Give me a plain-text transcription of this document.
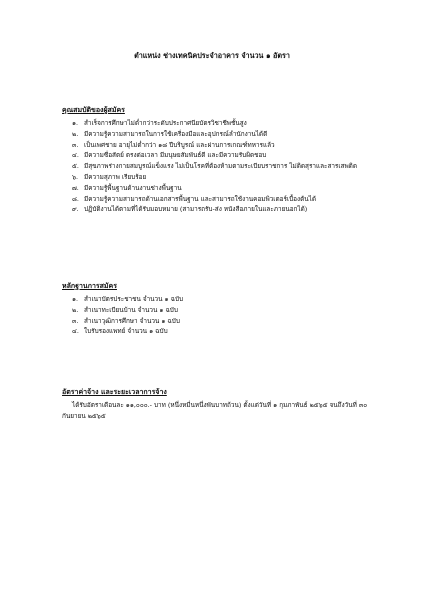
ตำแหน่ง ช่างเทคนิคประจำอาคาร จำนวน ๑ อัตรา
คุณสมบัติของผู้สมัคร
๑. สำเร็จการศึกษาไม่ต่ำกว่าระดับประกาศนียบัตรวิชาชีพชั้นสูง
๒. มีความรู้ความสามารถในการใช้เครื่องมือและอุปกรณ์ลำนักงานได้ดี
๓. เป็นเพศชาย อายุไม่ต่ำกว่า ๑๘ ปีบริบูรณ์ และผ่านการเกณฑ์ทหารแล้ว
๔. มีความซื่อสัตย์ ตรงต่อเวลา มีมนุษยสัมพันธ์ดี และมีความรับผิดชอบ
๕. มีสุขภาพร่างกายสมบูรณ์แข็งแรง ไม่เป็นโรคที่ต้องห้ามตามระเบียบราชการ ไม่ติดสุราและสารเสพติด
๖. มีความสุภาพ เรียบร้อย
๗. มีความรู้พื้นฐานด้านงานช่างพื้นฐาน
๘. มีความรู้ความสามารถด้านเอกสารพื้นฐาน และสามารถใช้งานคอมพิวเตอร์เบื้องต้นได้
๙. ปฏิบัติงานได้ตามที่ได้รับมอบหมาย (สามารถรับ-ส่ง หนังสือภายในและภายนอกได้)
หลักฐานการสมัคร
๑. สำเนาบัตรประชาชน จำนวน ๑ ฉบับ
๒. สำเนาทะเบียนบ้าน จำนวน ๑ ฉบับ
๓. สำเนาวุฒิการศึกษา จำนวน ๑ ฉบับ
๔. ใบรับรองแพทย์ จำนวน ๑ ฉบับ
อัตราค่าจ้าง และระยะเวลาการจ้าง

ได้รับอัตราเดือนละ ๑๑,๐๐๐.- บาท (หนึ่งหมื่นหนึ่งพันบาทถ้วน) ตั้งแต่วันที่ ๑ กุมภาพันธ์ ๒๕๖๕ จนถึงวันที่ ๓๐ กันยายน ๒๕๖๕
